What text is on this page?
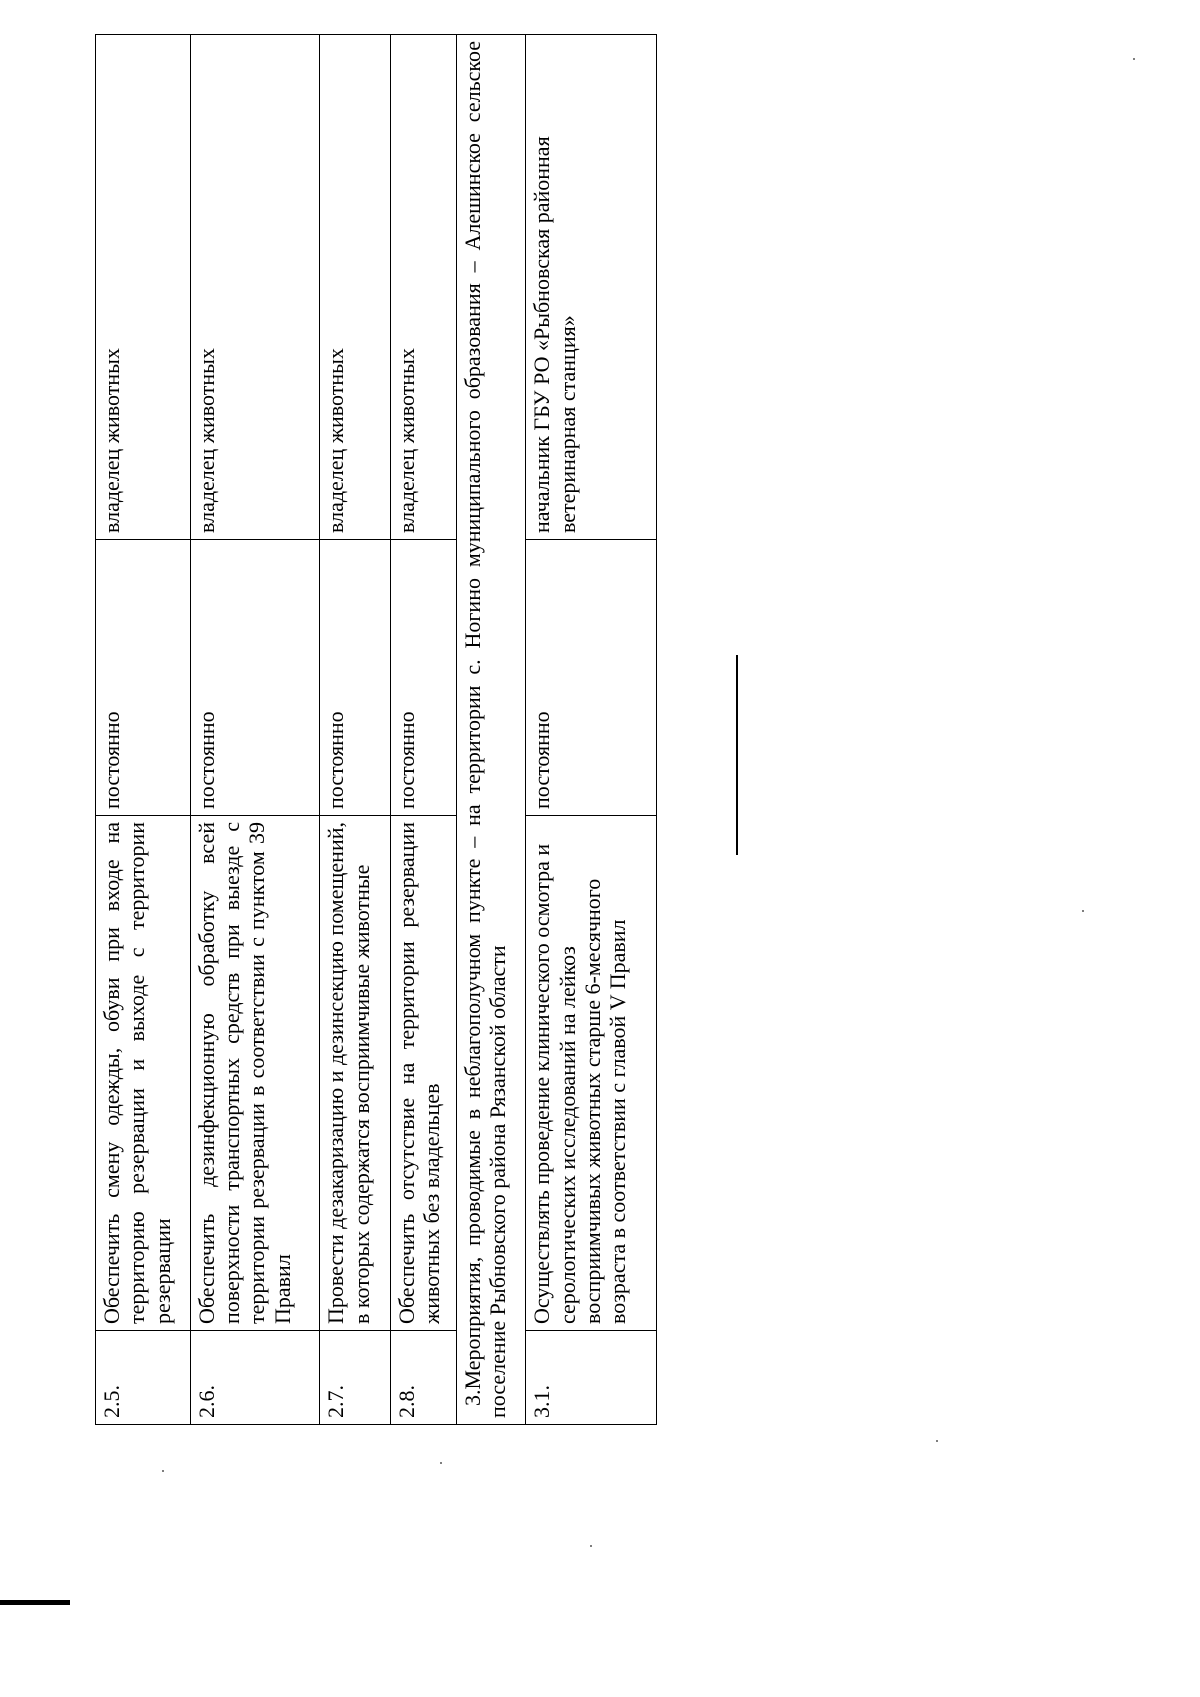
2.5.	Обеспечить смену одежды, обуви при входе на территорию резервации и выходе с территории резервации	постоянно	владелец животных
2.6.	Обеспечить дезинфекционную обработку всей поверхности транспортных средств при выезде с территории резервации в соответствии с пунктом 39 Правил	постоянно	владелец животных
2.7.	Провести дезакаризацию и дезинсекцию помещений, в которых содержатся восприимчивые животные	постоянно	владелец животных
2.8.	Обеспечить отсутствие на территории резервации животных без владельцев	постоянно	владелец животных
3.Мероприятия, проводимые в неблагополучном пункте – на территории с. Ногино муниципального образования – Алешинское сельское поселение Рыбновского района Рязанской области			
3.1.	Осуществлять проведение клинического осмотра и серологических исследований на лейкоз восприимчивых животных старше 6-месячного возраста в соответствии с главой V Правил	постоянно	начальник ГБУ РО «Рыбновская районная ветеринарная станция»
